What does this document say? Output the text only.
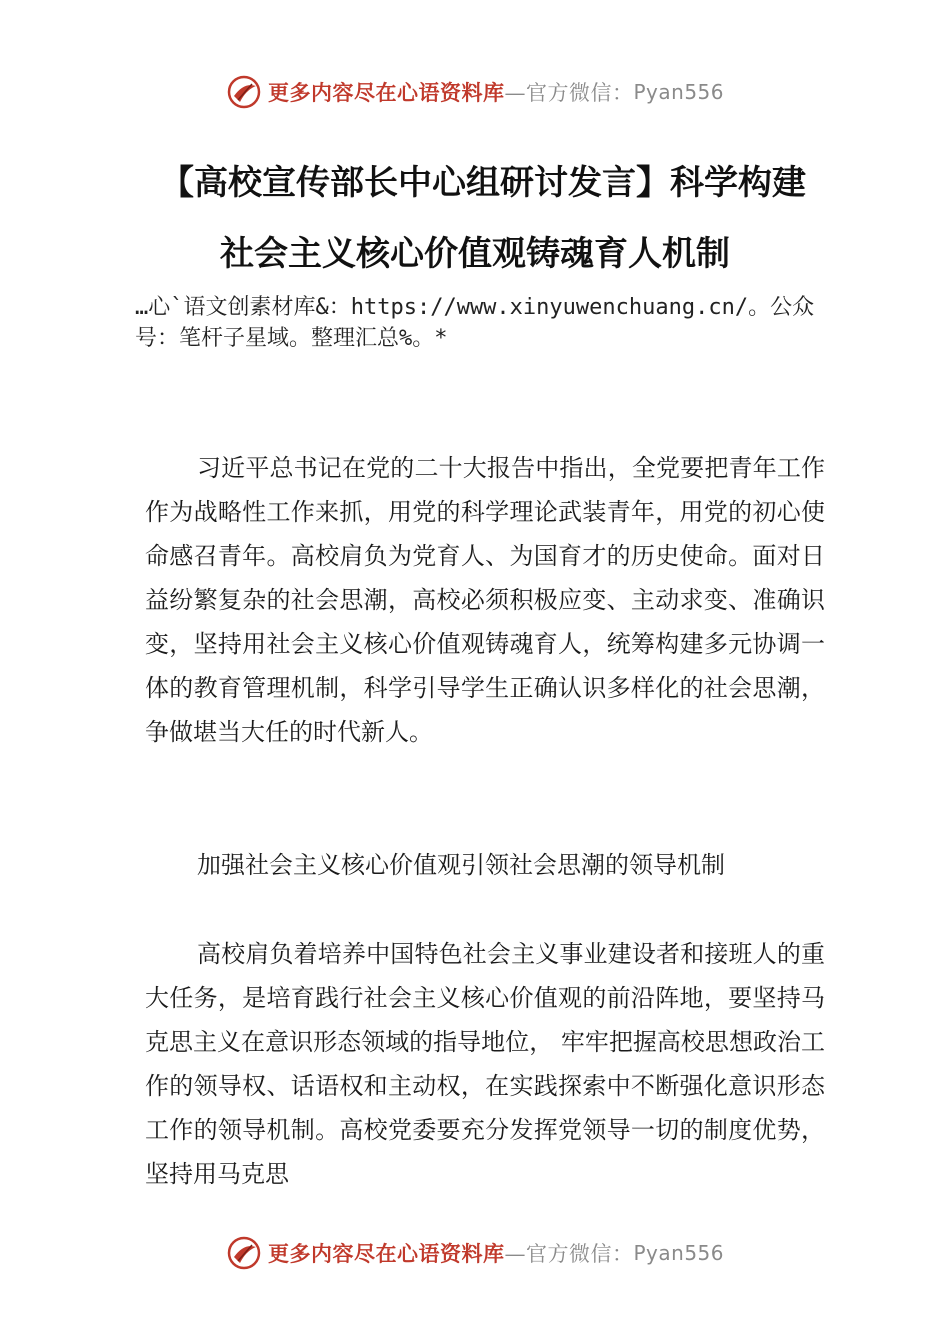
更多内容尽在心语资料库 —官方微信： Pyan556
【高校宣传部长中心组研讨发言】科学构建
社会主义核心价值观铸魂育人机制
…心`语文创素材库&：https://www.xinyuwenchuang.cn/。公众号：笔杆子星域。整理汇总%。*
习近平总书记在党的二十大报告中指出，全党要把青年工作作为战略性工作来抓，用党的科学理论武装青年，用党的初心使命感召青年。高校肩负为党育人、为国育才的历史使命。面对日益纷繁复杂的社会思潮，高校必须积极应变、主动求变、准确识变，坚持用社会主义核心价值观铸魂育人，统筹构建多元协调一体的教育管理机制，科学引导学生正确认识多样化的社会思潮，争做堪当大任的时代新人。
加强社会主义核心价值观引领社会思潮的领导机制
高校肩负着培养中国特色社会主义事业建设者和接班人的重大任务，是培育践行社会主义核心价值观的前沿阵地，要坚持马克思主义在意识形态领域的指导地位， 牢牢把握高校思想政治工作的领导权、话语权和主动权，在实践探索中不断强化意识形态工作的领导机制。高校党委要充分发挥党领导一切的制度优势，坚持用马克思
更多内容尽在心语资料库 —官方微信： Pyan556
